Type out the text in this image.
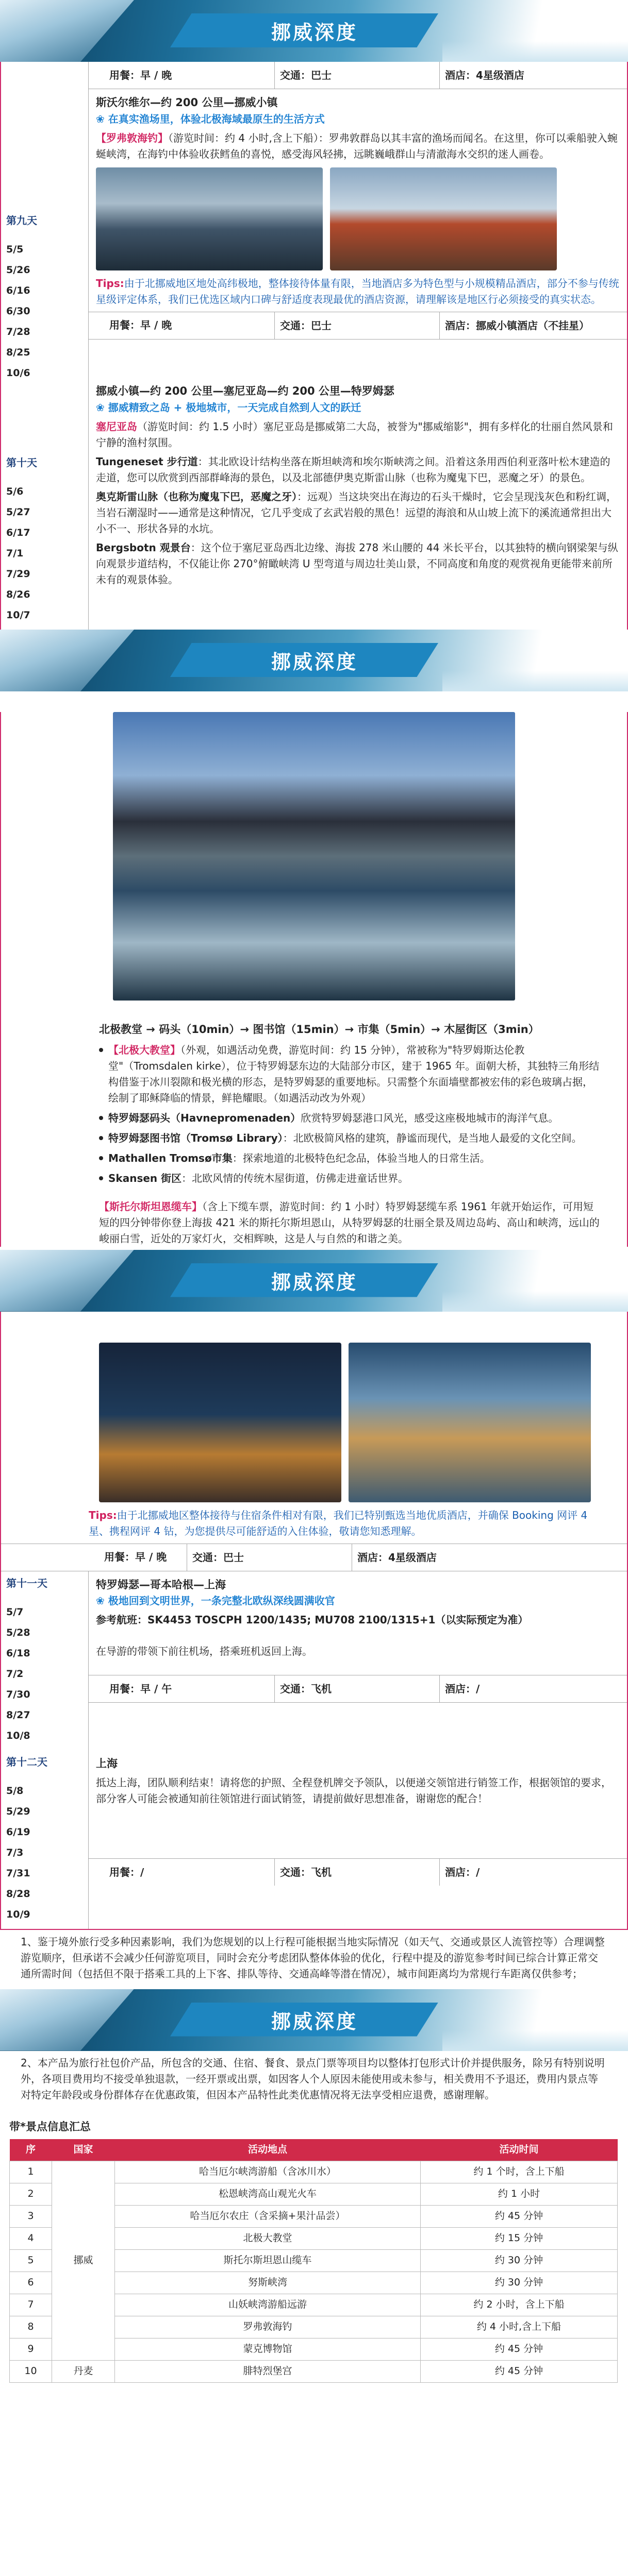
挪威深度
用餐：早 / 晚	交通：巴士	酒店：4星级酒店
第九天
5/5
5/26
6/16
6/30
7/28
8/25
10/6
斯沃尔维尔—约 200 公里—挪威小镇
❀ 在真实渔场里，体验北极海域最原生的生活方式

【罗弗敦海钓】（游览时间：约 4 小时,含上下船）：罗弗敦群岛以其丰富的渔场而闻名。在这里，你可以乘船驶入蜿蜒峡湾，在海钓中体验收获鳕鱼的喜悦，感受海风轻拂，远眺巍峨群山与清澈海水交织的迷人画卷。

Tips:由于北挪威地区地处高纬极地，整体接待体量有限，当地酒店多为特色型与小规模精品酒店，部分不参与传统星级评定体系，我们已优选区域内口碑与舒适度表现最优的酒店资源，请理解该是地区行必须接受的真实状态。

用餐：早 / 晚	交通：巴士	酒店：挪威小镇酒店（不挂星）
第十天
5/6
5/27
6/17
7/1
7/29
8/26
10/7
挪威小镇—约 200 公里—塞尼亚岛—约 200 公里—特罗姆瑟
❀ 挪威精致之岛 + 极地城市，一天完成自然到人文的跃迁

塞尼亚岛（游览时间：约 1.5 小时）塞尼亚岛是挪威第二大岛，被誉为"挪威缩影"，拥有多样化的壮丽自然风景和宁静的渔村氛围。

Tungeneset 步行道：其北欧设计结构坐落在斯坦峡湾和埃尔斯峡湾之间。沿着这条用西伯利亚落叶松木建造的走道，您可以欣赏到西部群峰海的景色，以及北部德伊奥克斯雷山脉（也称为魔鬼下巴，恶魔之牙）的景色。

奥克斯雷山脉（也称为魔鬼下巴，恶魔之牙）：远观）当这块突出在海边的石头干燥时，它会呈现浅灰色和粉红调，当岩石潮湿时——通常是这种情况，它几乎变成了玄武岩般的黑色！远望的海浪和从山坡上流下的溪流通常担出大小不一、形状各异的水坑。

Bergsbotn 观景台：这个位于塞尼亚岛西北边缘、海拔 278 米山腰的 44 米长平台，以其独特的横向钢梁架与纵向观景步道结构，不仅能让你 270°俯瞰峡湾 U 型弯道与周边壮美山景，不同高度和角度的观赏视角更能带来前所未有的观景体验。

挪威深度
北极教堂 → 码头（10min）→ 图书馆（15min）→ 市集（5min）→ 木屋街区（3min）

【北极大教堂】（外观，如遇活动免费，游览时间：约 15 分钟），常被称为"特罗姆斯达伦教堂"（Tromsdalen kirke），位于特罗姆瑟东边的大陆部分市区，建于 1965 年。面朝大桥，其独特三角形结构借鉴于冰川裂隙和极光横的形态，是特罗姆瑟的重要地标。只需整个东面墙壁都被宏伟的彩色玻璃占据，绘制了耶稣降临的情景，鲜艳耀眼。（如遇活动改为外观）

特罗姆瑟码头（Havnepromenaden）欣赏特罗姆瑟港口风光，感受这座极地城市的海洋气息。

特罗姆瑟图书馆（Tromsø Library）：北欧极简风格的建筑，静谧而现代，是当地人最爱的文化空间。

Mathallen Tromsø市集：探索地道的北极特色纪念品，体验当地人的日常生活。

Skansen 街区：北欧风情的传统木屋街道，仿佛走进童话世界。

【斯托尔斯坦恩缆车】（含上下缆车票，游览时间：约 1 小时）特罗姆瑟缆车系 1961 年就开始运作，可用短短的四分钟带你登上海拔 421 米的斯托尔斯坦恩山，从特罗姆瑟的壮丽全景及周边岛屿、高山和峡湾，远山的峻丽白雪，近处的万家灯火，交相辉映，这是人与自然的和谐之美。

挪威深度

Tips:由于北挪威地区整体接待与住宿条件相对有限，我们已特别甄选当地优质酒店，并确保 Booking 网评 4 星、携程网评 4 钻，为您提供尽可能舒适的入住体验，敬请您知悉理解。

用餐：早 / 晚	交通：巴士	酒店：4星级酒店
第十一天
5/7
5/28
6/18
7/2
7/30
8/27
10/8
特罗姆瑟—哥本哈根—上海
❀ 极地回到文明世界，一条完整北欧纵深线圆满收官

参考航班：SK4453 TOSCPH 1200/1435; MU708 2100/1315+1（以实际预定为准）

在导游的带领下前往机场，搭乘班机返回上海。

用餐：早 / 午	交通：飞机	酒店：/
第十二天
5/8
5/29
6/19
7/3
7/31
8/28
10/9
上海

抵达上海，团队顺利结束！请将您的护照、全程登机牌交予领队，以便递交领馆进行销签工作，根据领馆的要求，部分客人可能会被通知前往领馆进行面试销签，请提前做好思想准备，谢谢您的配合！

用餐：/	交通：飞机	酒店：/
1、鉴于境外旅行受多种因素影响，我们为您规划的以上行程可能根据当地实际情况（如天气、交通或景区人流管控等）合理调整游览顺序，但承诺不会减少任何游览项目，同时会充分考虑团队整体体验的优化，行程中提及的游览参考时间已综合计算正常交通所需时间（包括但不限于搭乘工具的上下客、排队等待、交通高峰等潜在情况），城市间距离均为常规行车距离仅供参考；
挪威深度
2、本产品为旅行社包价产品，所包含的交通、住宿、餐食、景点门票等项目均以整体打包形式计价并提供服务，除另有特别说明外，各项目费用均不接受单独退款，一经开票或出票，如因客人个人原因未能使用或未参与，相关费用不予退还，费用内景点等对特定年龄段或身份群体存在优惠政策，但因本产品特性此类优惠情况将无法享受相应退费，感谢理解。
带*景点信息汇总
序	国家	活动地点	活动时间
1	挪威	哈当厄尔峡湾游船（含冰川水）	约 1 个时，含上下船
2		松恩峡湾高山观光火车	约 1 小时
3		哈当厄尔农庄（含采摘+果汁品尝）	约 45 分钟
4		北极大教堂	约 15 分钟
5		斯托尔斯坦恩山缆车	约 30 分钟
6		努斯峡湾	约 30 分钟
7		山妖峡湾游船远游	约 2 小时，含上下船
8		罗弗敦海钓	约 4 小时,含上下船
9		蒙克博物馆	约 45 分钟
10	丹麦	腓特烈堡宫	约 45 分钟
